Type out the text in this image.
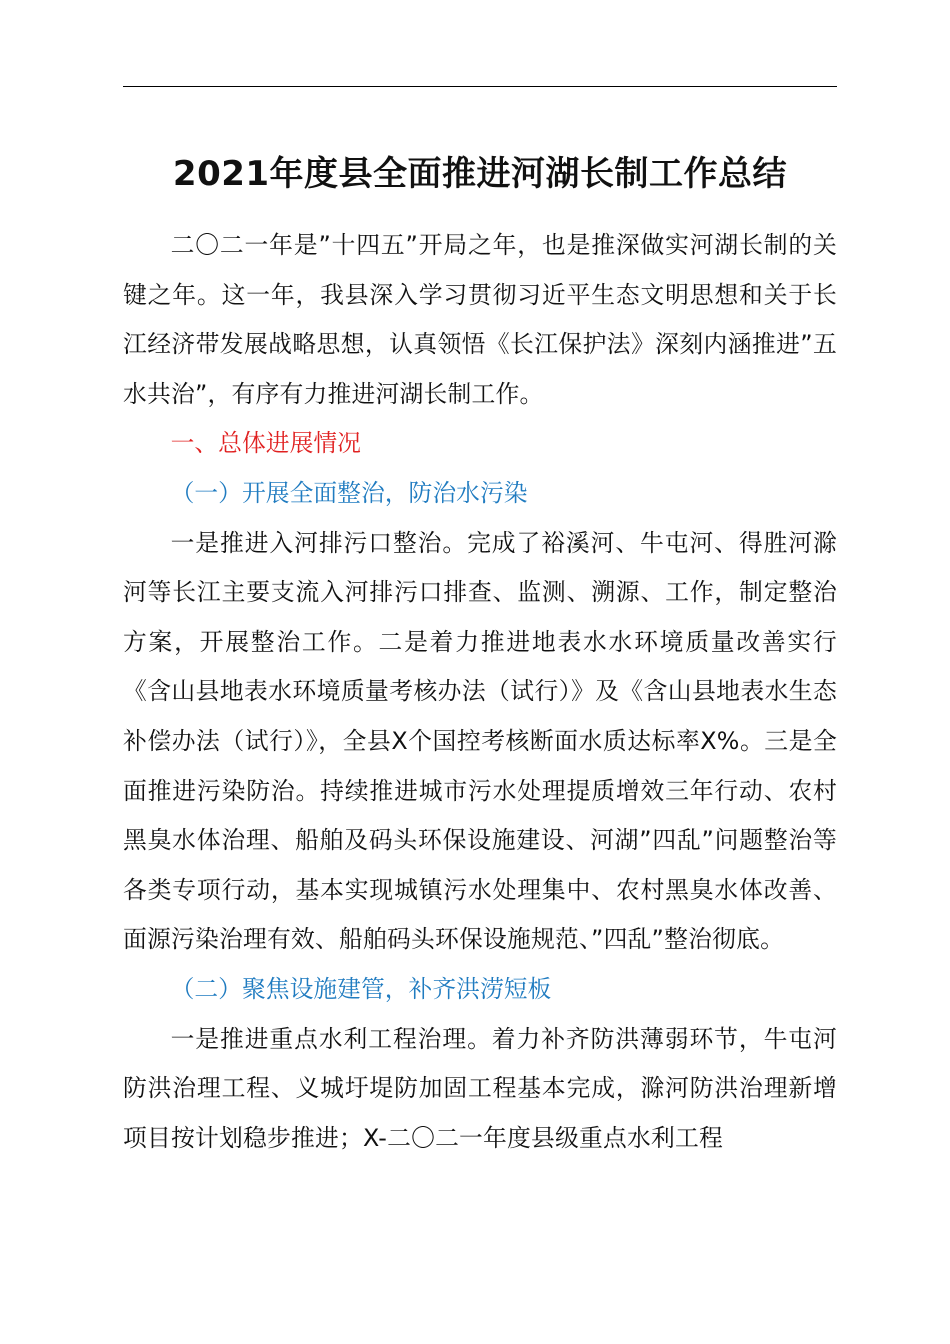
2021年度县全面推进河湖长制工作总结

二〇二一年是”十四五”开局之年，也是推深做实河湖长制的关键之年。这一年，我县深入学习贯彻习近平生态文明思想和关于长江经济带发展战略思想，认真领悟《长江保护法》深刻内涵推进”五水共治”，有序有力推进河湖长制工作。

一、总体进展情况

（一）开展全面整治，防治水污染

一是推进入河排污口整治。完成了裕溪河、牛屯河、得胜河滁河等长江主要支流入河排污口排查、监测、溯源、工作，制定整治方案，开展整治工作。二是着力推进地表水水环境质量改善实行《含山县地表水环境质量考核办法（试行）》及《含山县地表水生态补偿办法（试行）》，全县X个国控考核断面水质达标率X%。三是全面推进污染防治。持续推进城市污水处理提质增效三年行动、农村黑臭水体治理、船舶及码头环保设施建设、河湖”四乱”问题整治等各类专项行动，基本实现城镇污水处理集中、农村黑臭水体改善、面源污染治理有效、船舶码头环保设施规范、”四乱”整治彻底。

（二）聚焦设施建管，补齐洪涝短板

一是推进重点水利工程治理。着力补齐防洪薄弱环节，牛屯河防洪治理工程、义城圩堤防加固工程基本完成，滁河防洪治理新增项目按计划稳步推进；X-二〇二一年度县级重点水利工程
